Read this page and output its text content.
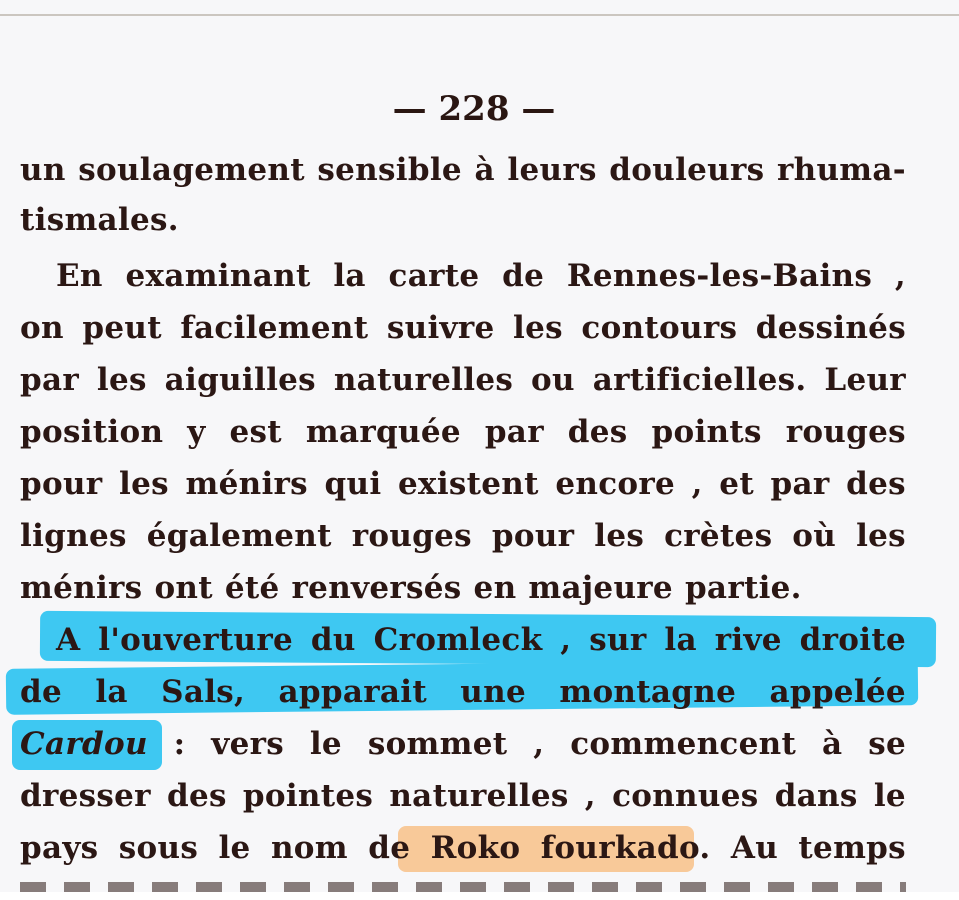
— 228 —
un soulagement sensible à leurs douleurs rhuma-
tismales.
En examinant la carte de Rennes-les-Bains ,
on peut facilement suivre les contours dessinés
par les aiguilles naturelles ou artificielles. Leur
position y est marquée par des points rouges
pour les ménirs qui existent encore , et par des
lignes également rouges pour les crètes où les
ménirs ont été renversés en majeure partie.
A l'ouverture du Cromleck , sur la rive droite
de la Sals, apparait une montagne appelée
Cardou : vers le sommet , commencent à se
dresser des pointes naturelles , connues dans le
pays sous le nom de Roko fourkado. Au temps
